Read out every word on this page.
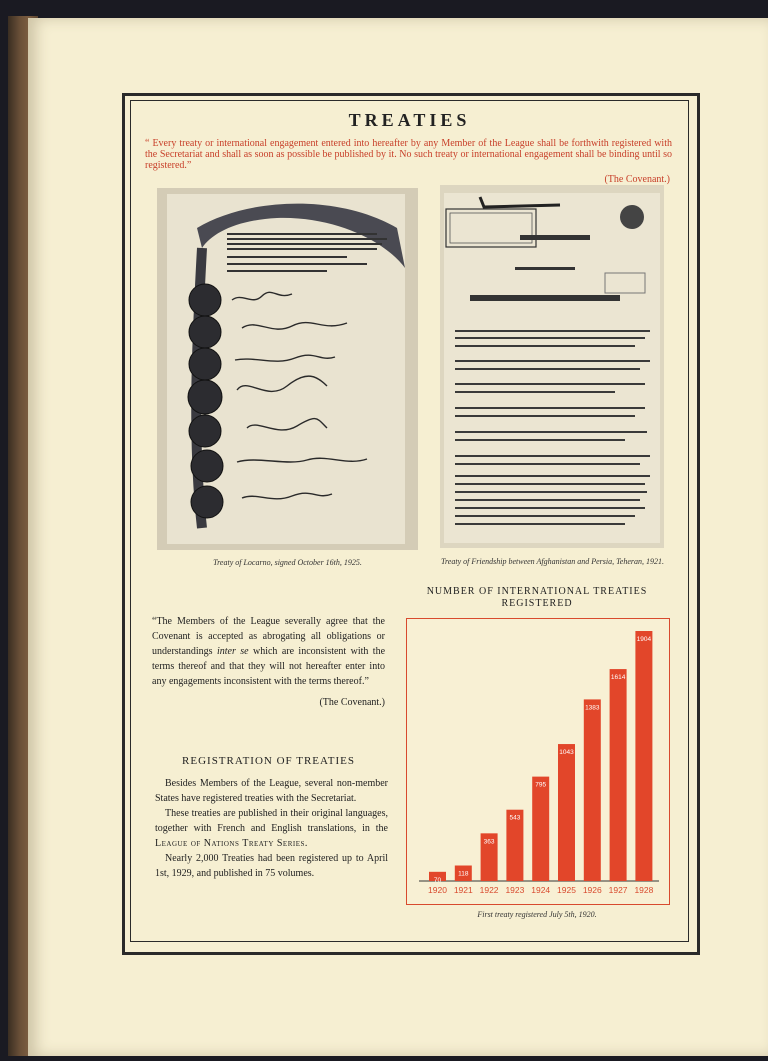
TREATIES
“ Every treaty or international engagement entered into hereafter by any Member of the League shall be forthwith registered with the Secretariat and shall as soon as possible be published by it. No such treaty or international engagement shall be binding until so registered.”
(The Covenant.)
Treaty of Locarno, signed October 16th, 1925.	Treaty of Friendship between Afghanistan and Persia, Teheran, 1921.
“The Members of the League severally agree that the Covenant is accepted as abrogating all obligations or understandings inter se which are inconsistent with the terms thereof and that they will not hereafter enter into any engagements inconsistent with the terms thereof.”
(The Covenant.)
REGISTRATION OF TREATIES

Besides Members of the League, several non-member States have registered treaties with the Secretariat.

These treaties are published in their original languages, together with French and English translations, in the League of Nations Treaty Series.

Nearly 2,000 Treaties had been registered up to April 1st, 1929, and published in 75 volumes.

NUMBER OF INTERNATIONAL TREATIES REGISTERED
70
1920
118
1921
363
1922
543
1923
795
1924
1043
1925
1383
1926
1614
1927
1904
1928
First treaty registered July 5th, 1920.
